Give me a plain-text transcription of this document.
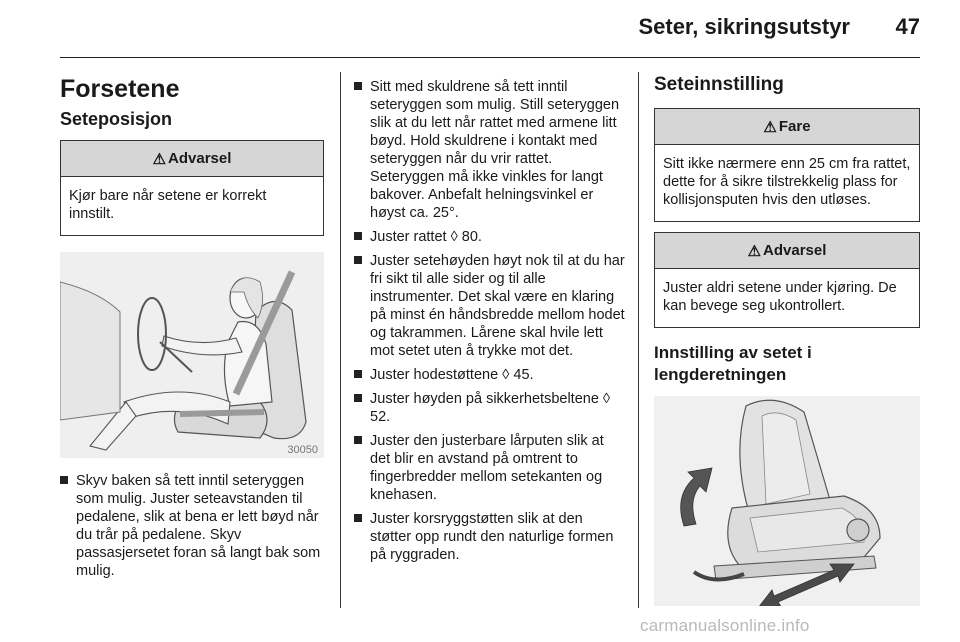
Seter, sikringsutstyr 47
Forsetene
Seteposisjon
⚠ Advarsel
Kjør bare når setene er korrekt innstilt.
30050
Skyv baken så tett inntil seteryggen som mulig. Juster seteavstanden til pedalene, slik at bena er lett bøyd når du trår på pedalene. Skyv passasjersetet foran så langt bak som mulig.
Sitt med skuldrene så tett inntil seteryggen som mulig. Still seteryggen slik at du lett når rattet med armene litt bøyd. Hold skuldrene i kontakt med seteryggen når du vrir rattet. Seteryggen må ikke vinkles for langt bakover. Anbefalt helningsvinkel er høyst ca. 25°.
Juster rattet ◊ 80.
Juster setehøyden høyt nok til at du har fri sikt til alle sider og til alle instrumenter. Det skal være en klaring på minst én håndsbredde mellom hodet og takrammen. Lårene skal hvile lett mot setet uten å trykke mot det.
Juster hodestøttene ◊ 45.
Juster høyden på sikkerhetsbeltene ◊ 52.
Juster den justerbare lårputen slik at det blir en avstand på omtrent to fingerbredder mellom setekanten og knehasen.
Juster korsryggstøtten slik at den støtter opp rundt den naturlige formen på ryggraden.
Seteinnstilling
⚠ Fare
Sitt ikke nærmere enn 25 cm fra rattet, dette for å sikre tilstrekkelig plass for kollisjonsputen hvis den utløses.
⚠ Advarsel
Juster aldri setene under kjøring. De kan bevege seg ukontrollert.
Innstilling av setet i lengderetningen
carmanualsonline.info
